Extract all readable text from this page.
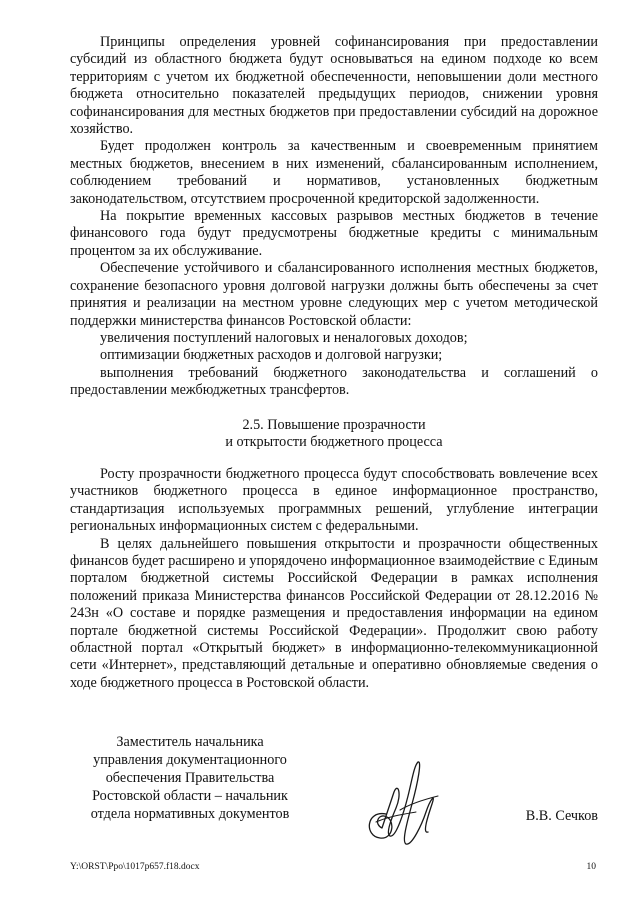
Принципы определения уровней софинансирования при предоставлении субсидий из областного бюджета будут основываться на едином подходе ко всем территориям с учетом их бюджетной обеспеченности, неповышении доли местного бюджета относительно показателей предыдущих периодов, снижении уровня софинансирования для местных бюджетов при предоставлении субсидий на дорожное хозяйство.

Будет продолжен контроль за качественным и своевременным принятием местных бюджетов, внесением в них изменений, сбалансированным исполнением, соблюдением требований и нормативов, установленных бюджетным законодательством, отсутствием просроченной кредиторской задолженности.

На покрытие временных кассовых разрывов местных бюджетов в течение финансового года будут предусмотрены бюджетные кредиты с минимальным процентом за их обслуживание.

Обеспечение устойчивого и сбалансированного исполнения местных бюджетов, сохранение безопасного уровня долговой нагрузки должны быть обеспечены за счет принятия и реализации на местном уровне следующих мер с учетом методической поддержки министерства финансов Ростовской области:

увеличения поступлений налоговых и неналоговых доходов;

оптимизации бюджетных расходов и долговой нагрузки;

выполнения требований бюджетного законодательства и соглашений о предоставлении межбюджетных трансфертов.

2.5. Повышение прозрачности
и открытости бюджетного процесса

Росту прозрачности бюджетного процесса будут способствовать вовлечение всех участников бюджетного процесса в единое информационное пространство, стандартизация используемых программных решений, углубление интеграции региональных информационных систем с федеральными.

В целях дальнейшего повышения открытости и прозрачности общественных финансов будет расширено и упорядочено информационное взаимодействие с Единым порталом бюджетной системы Российской Федерации в рамках исполнения положений приказа Министерства финансов Российской Федерации от 28.12.2016 № 243н «О составе и порядке размещения и предоставления информации на едином портале бюджетной системы Российской Федерации». Продолжит свою работу областной портал «Открытый бюджет» в информационно-телекоммуникационной сети «Интернет», представляющий детальные и оперативно обновляемые сведения о ходе бюджетного процесса в Ростовской области.

Заместитель начальника
управления документационного
обеспечения Правительства
Ростовской области – начальник
отдела нормативных документов	В.В. Сечков
Y:\ORST\Ppo\1017p657.f18.docx	10
